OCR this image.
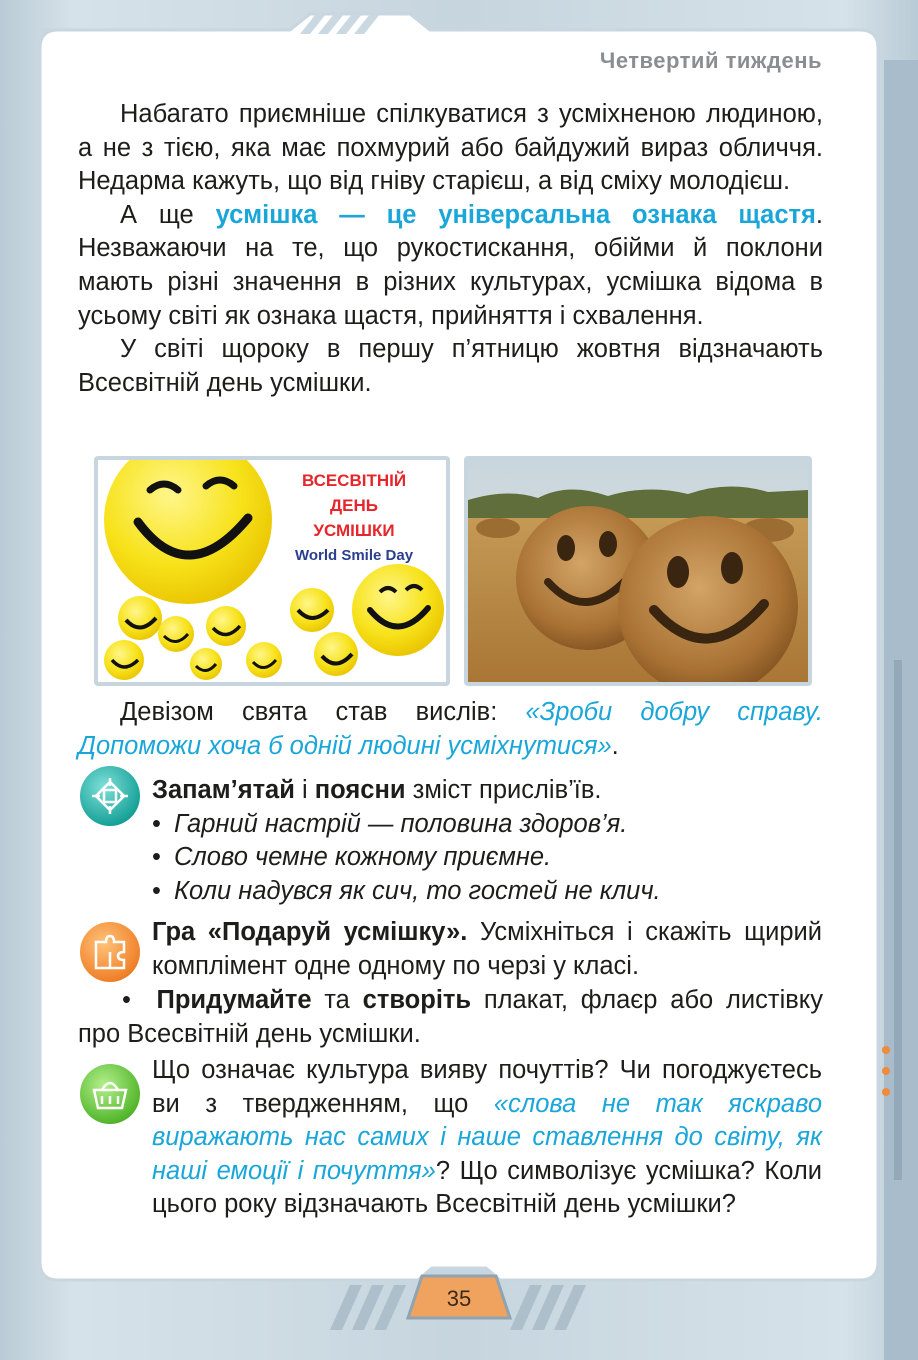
Четвертий тиждень

Набагато приємніше спілкуватися з усміхненою людиною, а не з тією, яка має похмурий або байдужий вираз обличчя. Недарма кажуть, що від гніву старієш, а від сміху молодієш.

А ще усмішка — це універсальна ознака щастя. Незважаючи на те, що рукостискання, обійми й поклони мають різні значення в різних культурах, усмішка відома в усьому світі як ознака щастя, прийняття і схвалення.

У світі щороку в першу п’ятницю жовтня відзначають Всесвітній день усмішки.

ВСЕСВІТНІЙ
ДЕНЬ
УСМІШКИ
World Smile Day

Девізом свята став вислів: «Зроби добру справу. Допоможи хоча б одній людині усміхнутися».

Запам’ятай і поясни зміст прислів’їв.

• Гарний настрій — половина здоров’я.

• Слово чемне кожному приємне.

• Коли надувся як сич, то гостей не клич.

Гра «Подаруй усмішку». Усміхніться і скажіть щирий комплімент одне одному по черзі у класі.

•  Придумайте та створіть плакат, флаєр або листівку про Всесвітній день усмішки.

Що означає культура вияву почуттів? Чи погоджуєтесь ви з твердженням, що «слова не так яскраво виражають нас самих і наше ставлення до світу, як наші емоції і почуття»? Що символізує усмішка? Коли цього року відзначають Всесвітній день усмішки?

35
